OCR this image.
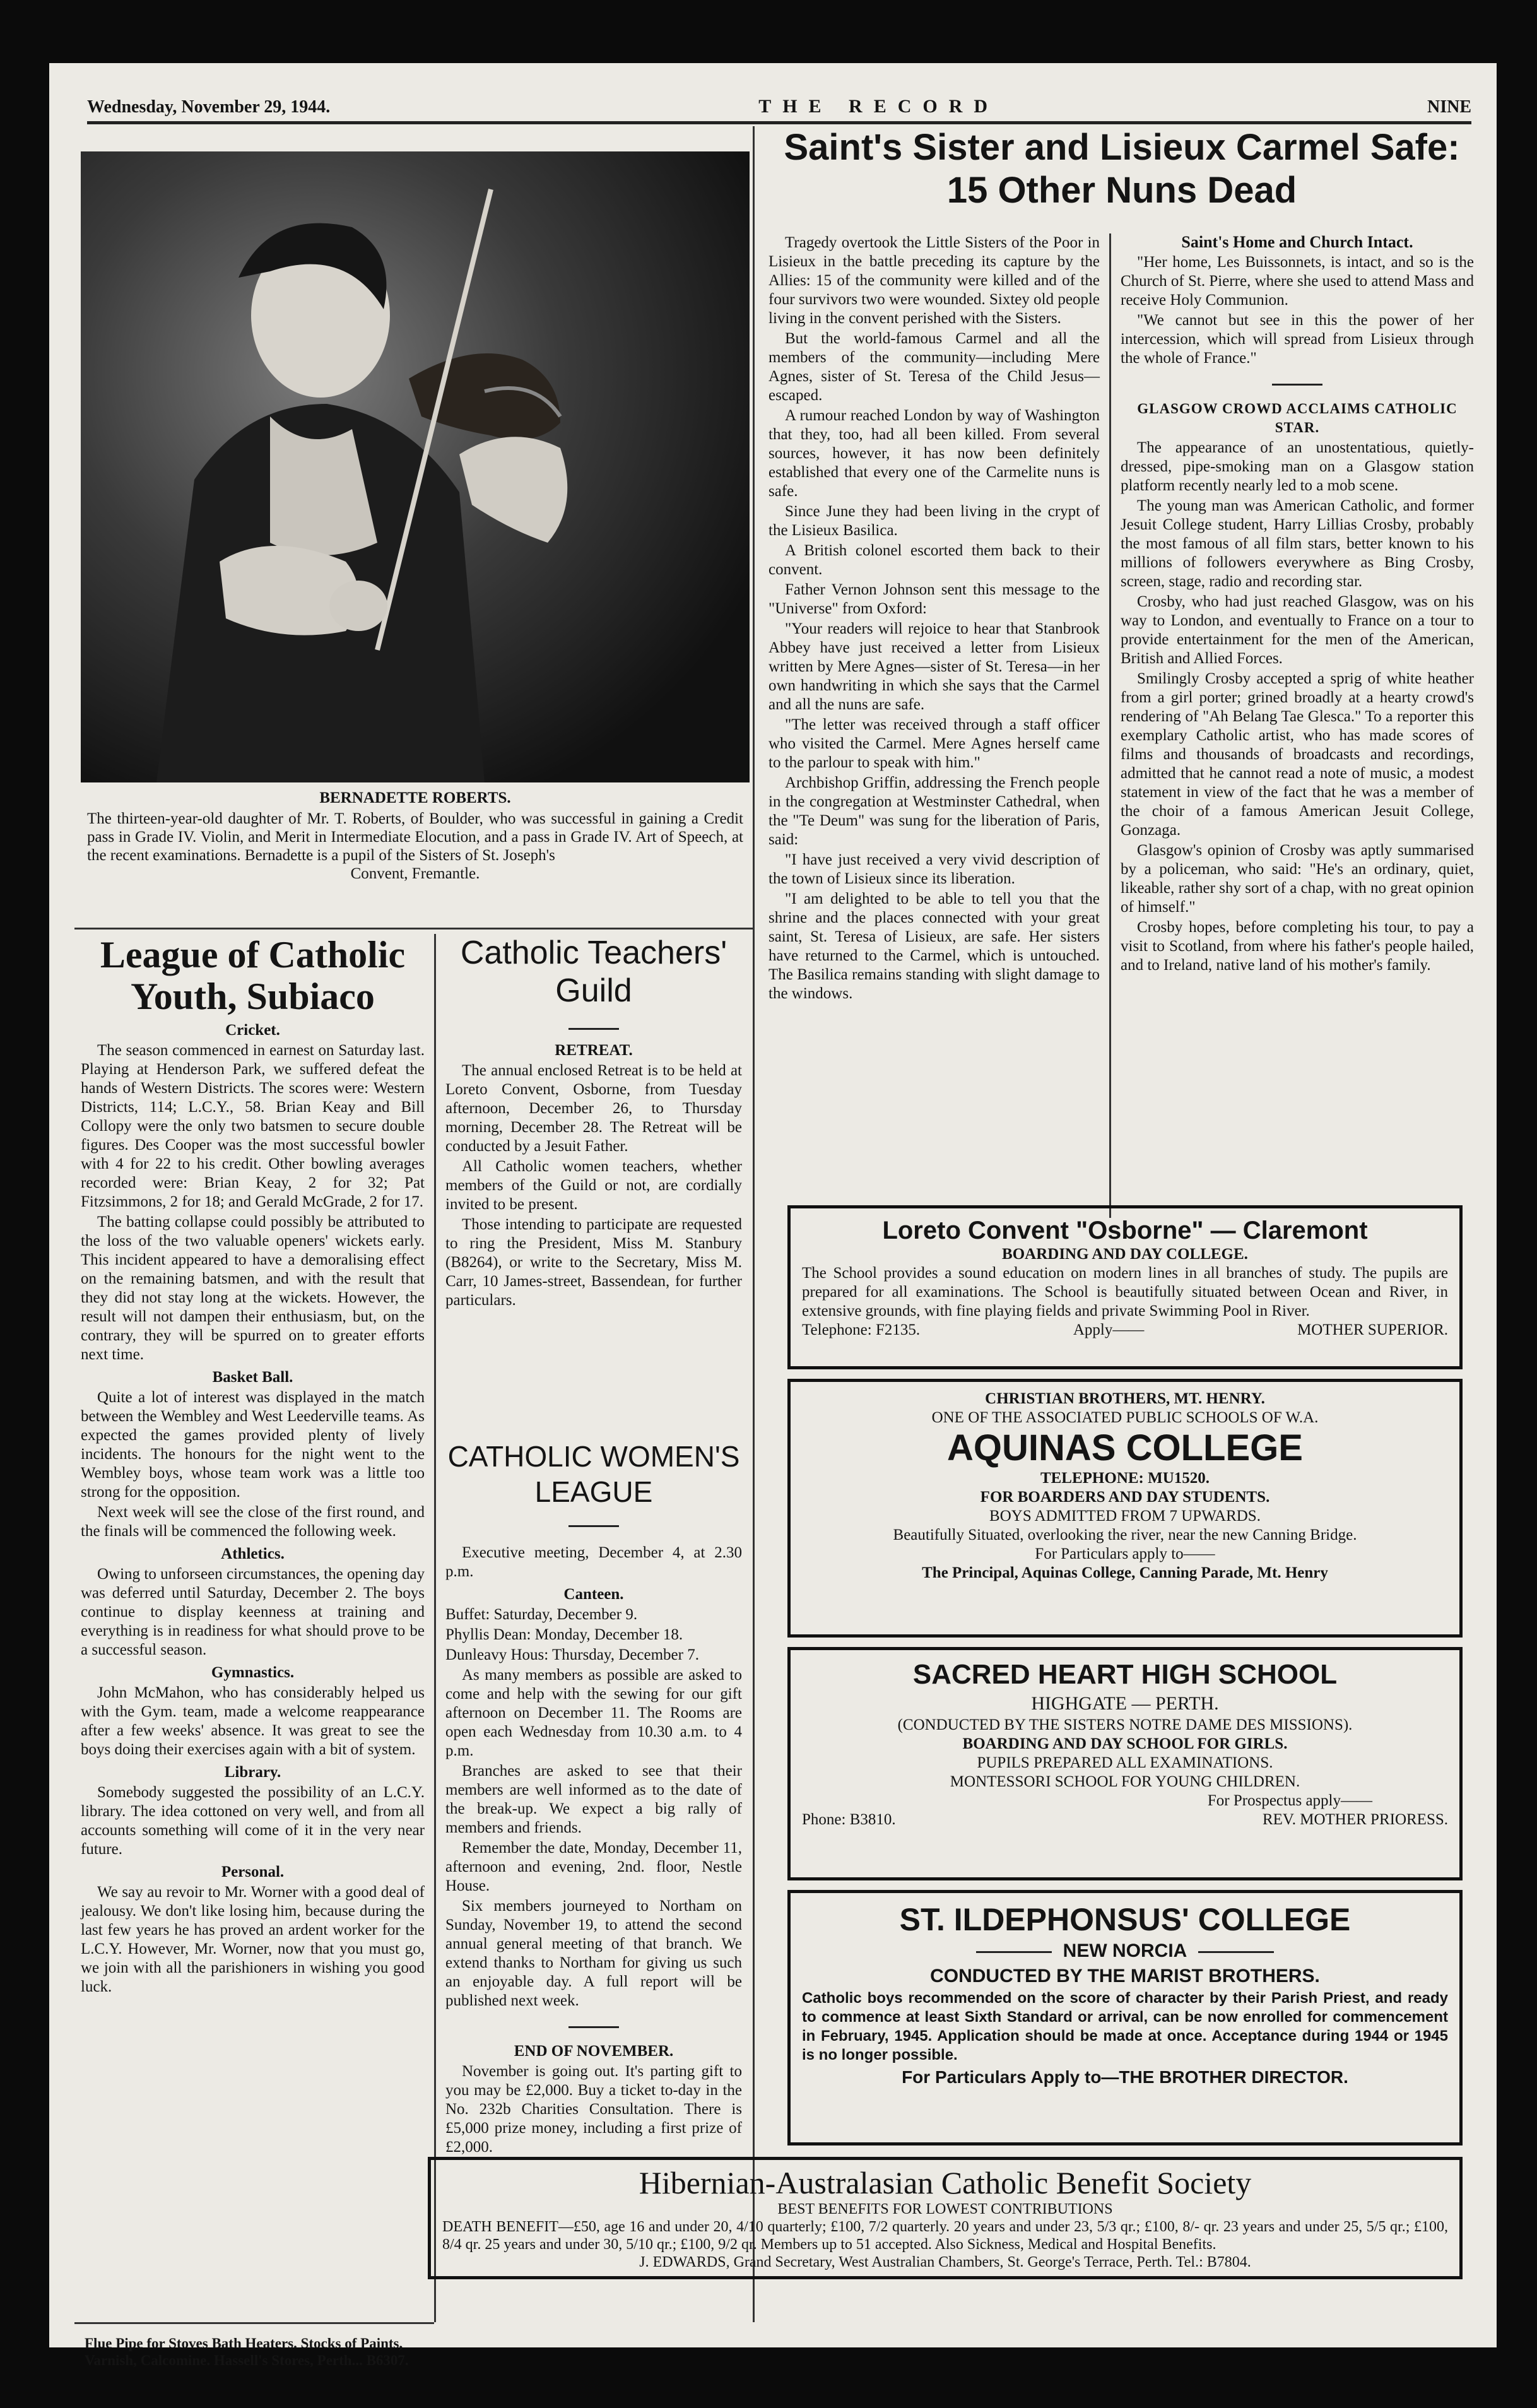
Wednesday, November 29, 1944.	THE RECORD	NINE
BERNADETTE ROBERTS.
The thirteen-year-old daughter of Mr. T. Roberts, of Boulder, who was successful in gaining a Credit pass in Grade IV. Violin, and Merit in Intermediate Elocution, and a pass in Grade IV. Art of Speech, at the recent examinations. Bernadette is a pupil of the Sisters of St. Joseph's
Convent, Fremantle.
League of Catholic Youth, Subiaco

Cricket.

The season commenced in earnest on Saturday last. Playing at Henderson Park, we suffered defeat the hands of Western Districts. The scores were: Western Districts, 114; L.C.Y., 58. Brian Keay and Bill Collopy were the only two batsmen to secure double figures. Des Cooper was the most successful bowler with 4 for 22 to his credit. Other bowling averages recorded were: Brian Keay, 2 for 32; Pat Fitzsimmons, 2 for 18; and Gerald McGrade, 2 for 17.

The batting collapse could possibly be attributed to the loss of the two valuable openers' wickets early. This incident appeared to have a demoralising effect on the remaining batsmen, and with the result that they did not stay long at the wickets. However, the result will not dampen their enthusiasm, but, on the contrary, they will be spurred on to greater efforts next time.

Basket Ball.

Quite a lot of interest was displayed in the match between the Wembley and West Leederville teams. As expected the games provided plenty of lively incidents. The honours for the night went to the Wembley boys, whose team work was a little too strong for the opposition.

Next week will see the close of the first round, and the finals will be commenced the following week.

Athletics.

Owing to unforseen circumstances, the opening day was deferred until Saturday, December 2. The boys continue to display keenness at training and everything is in readiness for what should prove to be a successful season.

Gymnastics.

John McMahon, who has considerably helped us with the Gym. team, made a welcome reappearance after a few weeks' absence. It was great to see the boys doing their exercises again with a bit of system.

Library.

Somebody suggested the possibility of an L.C.Y. library. The idea cottoned on very well, and from all accounts something will come of it in the very near future.

Personal.

We say au revoir to Mr. Worner with a good deal of jealousy. We don't like losing him, because during the last few years he has proved an ardent worker for the L.C.Y. However, Mr. Worner, now that you must go, we join with all the parishioners in wishing you good luck.

Flue Pipe for Stoves Bath Heaters. Stocks of Paints, Varnish, Calcomine. Hassell's Stores, Perth... B6307.
Catholic Teachers' Guild

RETREAT.

The annual enclosed Retreat is to be held at Loreto Convent, Osborne, from Tuesday afternoon, December 26, to Thursday morning, December 28. The Retreat will be conducted by a Jesuit Father.

All Catholic women teachers, whether members of the Guild or not, are cordially invited to be present.

Those intending to participate are requested to ring the President, Miss M. Stanbury (B8264), or write to the Secretary, Miss M. Carr, 10 James-street, Bassendean, for further particulars.

CATHOLIC WOMEN'S LEAGUE

Executive meeting, December 4, at 2.30 p.m.

Canteen.

Buffet: Saturday, December 9.

Phyllis Dean: Monday, December 18.

Dunleavy Hous: Thursday, December 7.

As many members as possible are asked to come and help with the sewing for our gift afternoon on December 11. The Rooms are open each Wednesday from 10.30 a.m. to 4 p.m.

Branches are asked to see that their members are well informed as to the date of the break-up. We expect a big rally of members and friends.

Remember the date, Monday, December 11, afternoon and evening, 2nd. floor, Nestle House.

Six members journeyed to Northam on Sunday, November 19, to attend the second annual general meeting of that branch. We extend thanks to Northam for giving us such an enjoyable day. A full report will be published next week.

END OF NOVEMBER.

November is going out. It's parting gift to you may be £2,000. Buy a ticket to-day in the No. 232b Charities Consultation. There is £5,000 prize money, including a first prize of £2,000.

Saint's Sister and Lisieux Carmel Safe: 15 Other Nuns Dead

Tragedy overtook the Little Sisters of the Poor in Lisieux in the battle preceding its capture by the Allies: 15 of the community were killed and of the four survivors two were wounded. Sixtey old people living in the convent perished with the Sisters.

But the world-famous Carmel and all the members of the community—including Mere Agnes, sister of St. Teresa of the Child Jesus—escaped.

A rumour reached London by way of Washington that they, too, had all been killed. From several sources, however, it has now been definitely established that every one of the Carmelite nuns is safe.

Since June they had been living in the crypt of the Lisieux Basilica.

A British colonel escorted them back to their convent.

Father Vernon Johnson sent this message to the "Universe" from Oxford:

"Your readers will rejoice to hear that Stanbrook Abbey have just received a letter from Lisieux written by Mere Agnes—sister of St. Teresa—in her own handwriting in which she says that the Carmel and all the nuns are safe.

"The letter was received through a staff officer who visited the Carmel. Mere Agnes herself came to the parlour to speak with him."

Archbishop Griffin, addressing the French people in the congregation at Westminster Cathedral, when the "Te Deum" was sung for the liberation of Paris, said:

"I have just received a very vivid description of the town of Lisieux since its liberation.

"I am delighted to be able to tell you that the shrine and the places connected with your great saint, St. Teresa of Lisieux, are safe. Her sisters have returned to the Carmel, which is untouched. The Basilica remains standing with slight damage to the windows.

Saint's Home and Church Intact.

"Her home, Les Buissonnets, is intact, and so is the Church of St. Pierre, where she used to attend Mass and receive Holy Communion.

"We cannot but see in this the power of her intercession, which will spread from Lisieux through the whole of France."

GLASGOW CROWD ACCLAIMS CATHOLIC STAR.

The appearance of an unostentatious, quietly-dressed, pipe-smoking man on a Glasgow station platform recently nearly led to a mob scene.

The young man was American Catholic, and former Jesuit College student, Harry Lillias Crosby, probably the most famous of all film stars, better known to his millions of followers everywhere as Bing Crosby, screen, stage, radio and recording star.

Crosby, who had just reached Glasgow, was on his way to London, and eventually to France on a tour to provide entertainment for the men of the American, British and Allied Forces.

Smilingly Crosby accepted a sprig of white heather from a girl porter; grined broadly at a hearty crowd's rendering of "Ah Belang Tae Glesca." To a reporter this exemplary Catholic artist, who has made scores of films and thousands of broadcasts and recordings, admitted that he cannot read a note of music, a modest statement in view of the fact that he was a member of the choir of a famous American Jesuit College, Gonzaga.

Glasgow's opinion of Crosby was aptly summarised by a policeman, who said: "He's an ordinary, quiet, likeable, rather shy sort of a chap, with no great opinion of himself."

Crosby hopes, before completing his tour, to pay a visit to Scotland, from where his father's people hailed, and to Ireland, native land of his mother's family.

Loreto Convent "Osborne" — Claremont
BOARDING AND DAY COLLEGE.
The School provides a sound education on modern lines in all branches of study. The pupils are prepared for all examinations. The School is beautifully situated between Ocean and River, in extensive grounds, with fine playing fields and private Swimming Pool in River.
Telephone: F2135.	Apply——	MOTHER SUPERIOR.
CHRISTIAN BROTHERS, MT. HENRY.
ONE OF THE ASSOCIATED PUBLIC SCHOOLS OF W.A.
AQUINAS COLLEGE
TELEPHONE: MU1520.
FOR BOARDERS AND DAY STUDENTS.
BOYS ADMITTED FROM 7 UPWARDS.
Beautifully Situated, overlooking the river, near the new Canning Bridge.
For Particulars apply to——
The Principal, Aquinas College, Canning Parade, Mt. Henry
SACRED HEART HIGH SCHOOL
HIGHGATE — PERTH.
(CONDUCTED BY THE SISTERS NOTRE DAME DES MISSIONS).
BOARDING AND DAY SCHOOL FOR GIRLS.
PUPILS PREPARED ALL EXAMINATIONS.
MONTESSORI SCHOOL FOR YOUNG CHILDREN.
For Prospectus apply——
Phone: B3810.	REV. MOTHER PRIORESS.
ST. ILDEPHONSUS' COLLEGE
NEW NORCIA
CONDUCTED BY THE MARIST BROTHERS.
Catholic boys recommended on the score of character by their Parish Priest, and ready to commence at least Sixth Standard or arrival, can be now enrolled for commencement in February, 1945. Application should be made at once. Acceptance during 1944 or 1945 is no longer possible.
For Particulars Apply to—THE BROTHER DIRECTOR.
Hibernian-Australasian Catholic Benefit Society
BEST BENEFITS FOR LOWEST CONTRIBUTIONS
DEATH BENEFIT—£50, age 16 and under 20, 4/10 quarterly; £100, 7/2 quarterly. 20 years and under 23, 5/3 qr.; £100, 8/- qr. 23 years and under 25, 5/5 qr.; £100, 8/4 qr. 25 years and under 30, 5/10 qr.; £100, 9/2 qr. Members up to 51 accepted. Also Sickness, Medical and Hospital Benefits.
J. EDWARDS, Grand Secretary, West Australian Chambers, St. George's Terrace, Perth. Tel.: B7804.
